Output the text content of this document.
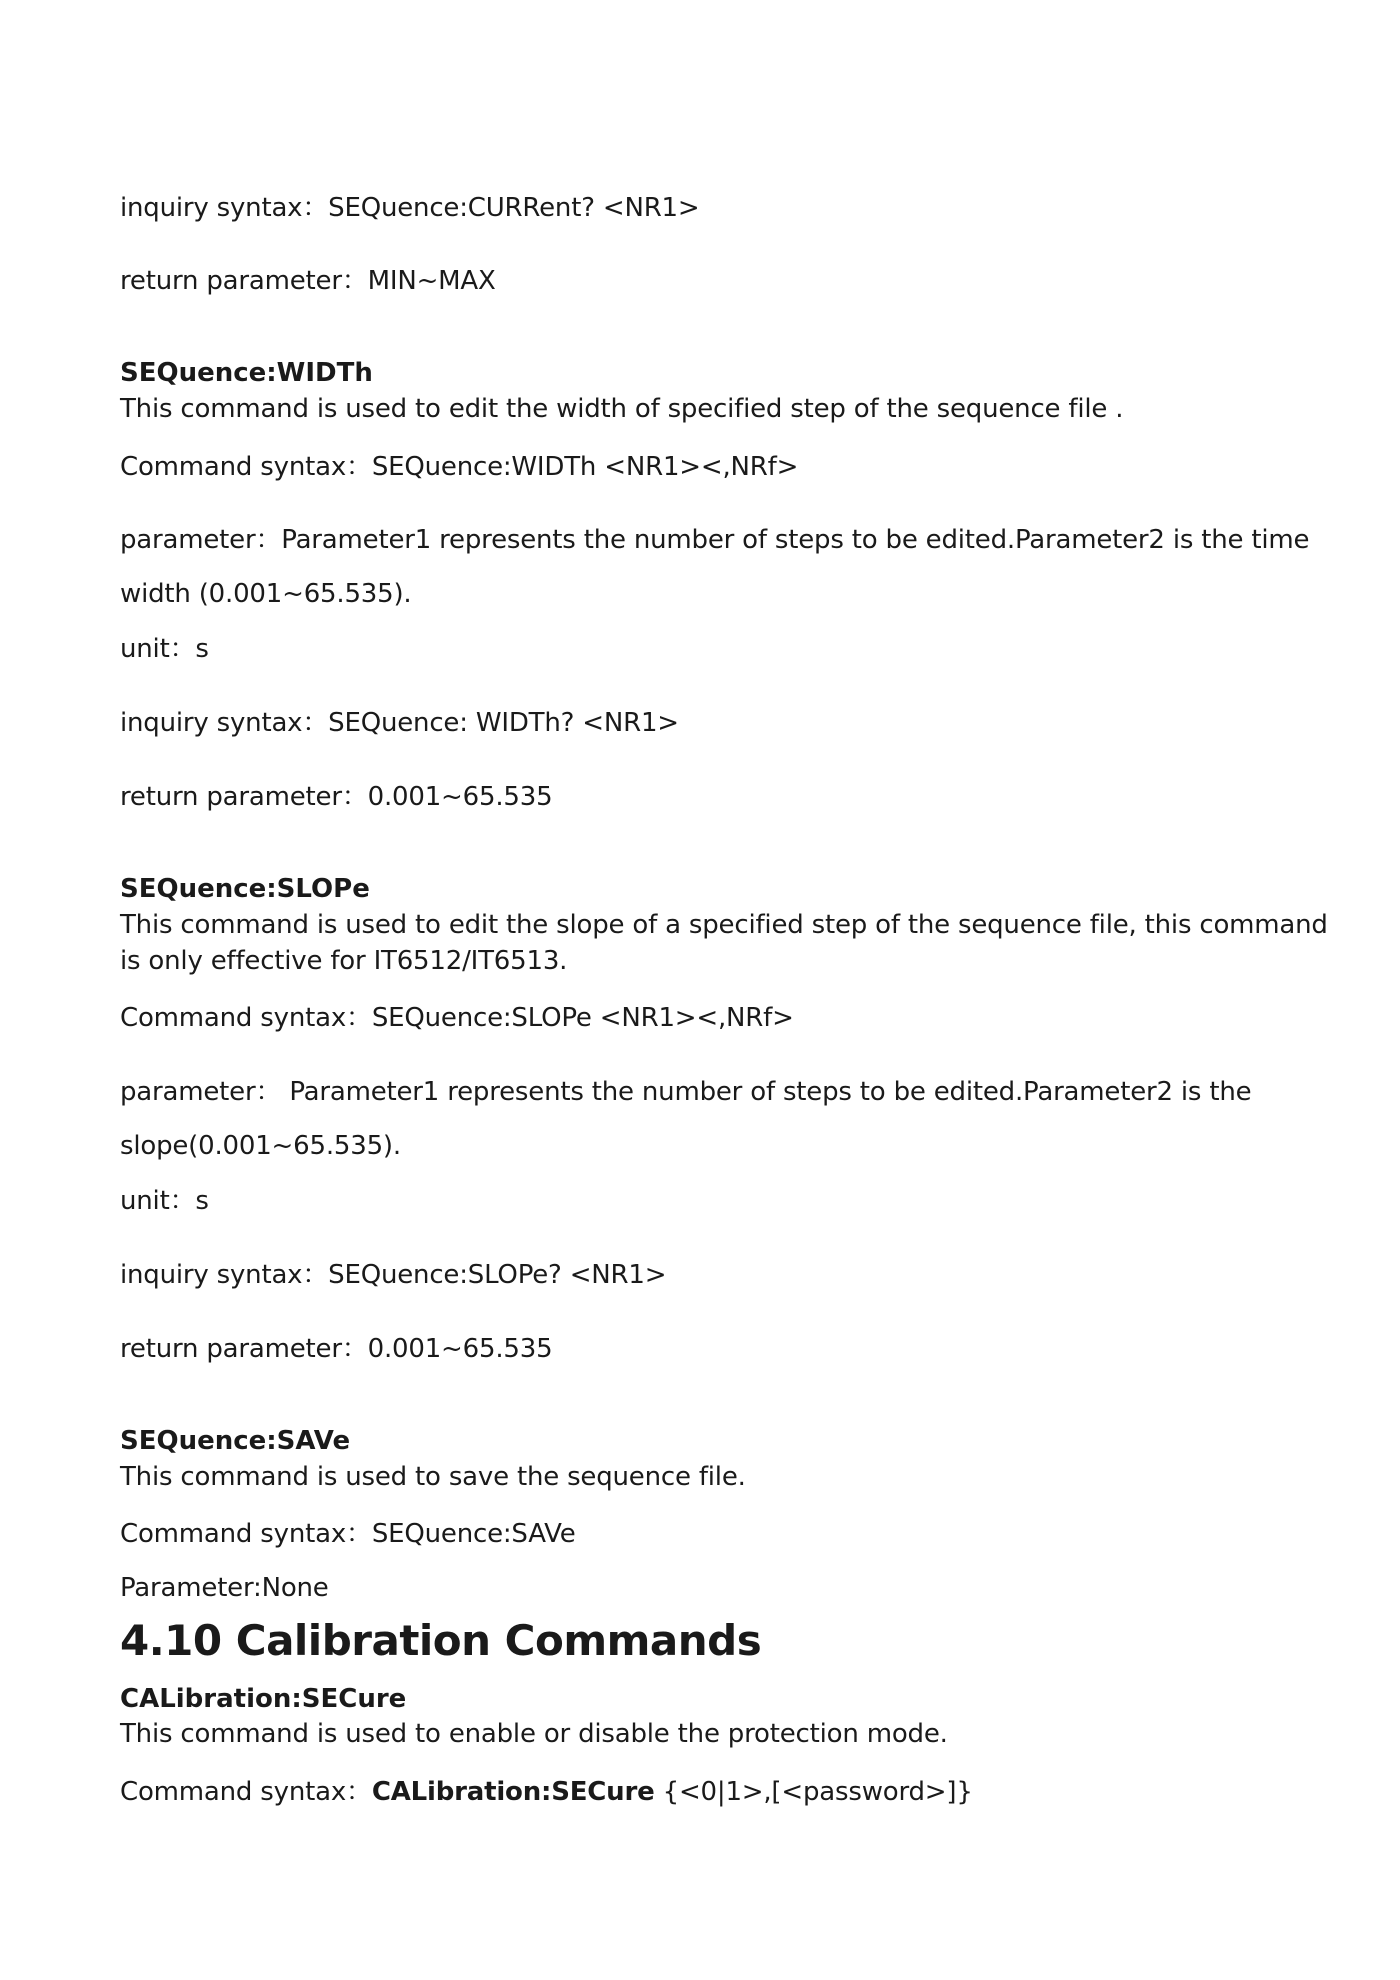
inquiry syntax：SEQuence:CURRent? <NR1>
return parameter：MIN~MAX
SEQuence:WIDTh
This command is used to edit the width of specified step of the sequence file .
Command syntax：SEQuence:WIDTh <NR1><,NRf>
parameter：Parameter1 represents the number of steps to be edited.Parameter2 is the time
width (0.001~65.535).
unit：s
inquiry syntax：SEQuence: WIDTh? <NR1>
return parameter：0.001~65.535
SEQuence:SLOPe
This command is used to edit the slope of a specified step of the sequence file, this command
is only effective for IT6512/IT6513.
Command syntax：SEQuence:SLOPe <NR1><,NRf>
parameter： Parameter1 represents the number of steps to be edited.Parameter2 is the
slope(0.001~65.535).
unit：s
inquiry syntax：SEQuence:SLOPe? <NR1>
return parameter：0.001~65.535
SEQuence:SAVe
This command is used to save the sequence file.
Command syntax：SEQuence:SAVe
Parameter:None
4.10 Calibration Commands
CALibration:SECure
This command is used to enable or disable the protection mode.
Command syntax：CALibration:SECure {<0|1>,[<password>]}
